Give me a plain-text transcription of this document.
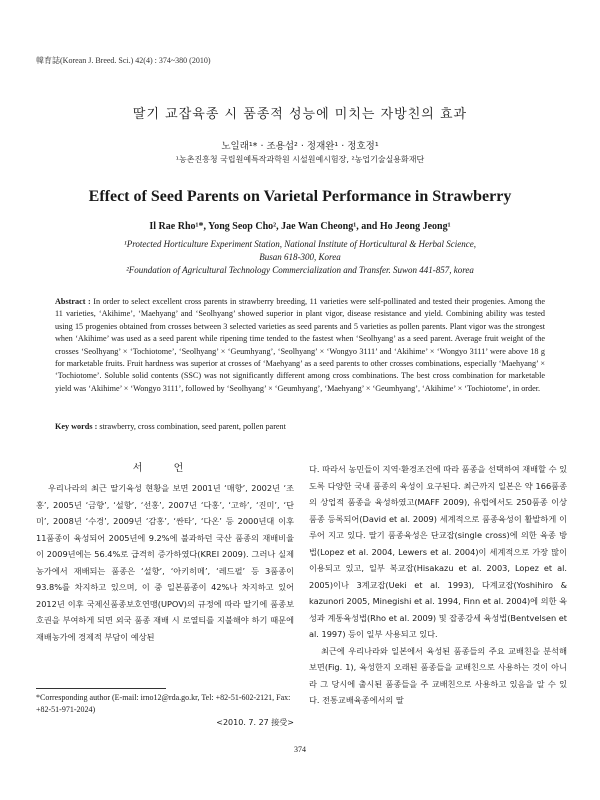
韓育誌(Korean J. Breed. Sci.) 42(4) : 374~380 (2010)
딸기 교잡육종 시 품종적 성능에 미치는 자방친의 효과
노일래¹* · 조용섭² · 정재완¹ · 정호정¹
¹농촌진흥청 국립원예특작과학원 시설원예시험장, ²농업기술실용화재단
Effect of Seed Parents on Varietal Performance in Strawberry
Il Rae Rho¹*, Yong Seop Cho², Jae Wan Cheong¹, and Ho Jeong Jeong¹
¹Protected Horticulture Experiment Station, National Institute of Horticultural & Herbal Science,
Busan 618-300, Korea
²Foundation of Agricultural Technology Commercialization and Transfer. Suwon 441-857, korea
Abstract : In order to select excellent cross parents in strawberry breeding, 11 varieties were self-pollinated and tested their progenies. Among the 11 varieties, ‘Akihime’, ‘Maehyang’ and ‘Seolhyang’ showed superior in plant vigor, disease resistance and yield. Combining ability was tested using 15 progenies obtained from crosses between 3 selected varieties as seed parents and 5 varieties as pollen parents. Plant vigor was the strongest when ‘Akihime’ was used as a seed parent while ripening time tended to the fastest when ‘Seolhyang’ as a seed parent. Average fruit weight of the crosses ‘Seolhyang’ × ‘Tochiotome’, ‘Seolhyang’ × ‘Geumhyang’, ‘Seolhyang’ × ‘Wongyo 3111’ and ‘Akihime’ × ‘Wongyo 3111’ were above 18 g for marketable fruits. Fruit hardness was superior at crosses of ‘Maehyang’ as a seed parents to other crosses combinations, especially ‘Maehyang’ × ‘Tochiotome’. Soluble solid contents (SSC) was not significantly different among cross combinations. The best cross combination for marketable yield was ‘Akihime’ × ‘Wongyo 3111’, followed by ‘Seolhyang’ × ‘Geumhyang’, ‘Maehyang’ × ‘Geumhyang’, ‘Akihime’ × ‘Tochiotome’, in order.
Key words : strawberry, cross combination, seed parent, pollen parent
서 언
우리나라의 최근 딸기육성 현황을 보면 2001년 ‘매향’, 2002년 ‘조홍’, 2005년 ‘금향’, ‘설향’, ‘선홍’, 2007년 ‘다홍’, ‘고하’, ‘진미’, ‘단미’, 2008년 ‘수경’, 2009년 ‘감홍’, ‘싼타’, ‘다온’ 등 2000년대 이후 11품종이 육성되어 2005년에 9.2%에 불과하던 국산 품종의 재배비율이 2009년에는 56.4%로 급격히 증가하였다(KREI 2009). 그러나 실제 농가에서 재배되는 품종은 ‘설향’, ‘아키히메’, ‘레드펄’ 등 3품종이 93.8%를 차지하고 있으며, 이 중 일본품종이 42%나 차지하고 있어 2012년 이후 국제신품종보호연맹(UPOV)의 규정에 따라 딸기에 품종보호권을 부여하게 되면 외국 품종 재배 시 로열티를 지불해야 하기 때문에 재배농가에 경제적 부담이 예상된
다. 따라서 농민들이 지역·환경조건에 따라 품종을 선택하여 재배할 수 있도록 다양한 국내 품종의 육성이 요구된다. 최근까지 일본은 약 166품종의 상업적 품종을 육성하였고(MAFF 2009), 유럽에서도 250품종 이상 품종 등록되어(David et al. 2009) 세계적으로 품종육성이 활발하게 이루어 지고 있다. 딸기 품종육성은 단교잡(single cross)에 의한 육종 방법(Lopez et al. 2004, Lewers et al. 2004)이 세계적으로 가장 많이 이용되고 있고, 일부 복교잡(Hisakazu et al. 2003, Lopez et al. 2005)이나 3계교잡(Ueki et al. 1993), 다계교잡(Yoshihiro & kazunori 2005, Minegishi et al. 1994, Finn et al. 2004)에 의한 육성과 계통육성법(Rho et al. 2009) 및 잡종강세 육성법(Bentvelsen et al. 1997) 등이 일부 사용되고 있다.
최근에 우리나라와 일본에서 육성된 품종들의 주요 교배친을 분석해 보면(Fig. 1), 육성한지 오래된 품종들을 교배친으로 사용하는 것이 아니라 그 당시에 출시된 품종들을 주 교배친으로 사용하고 있음을 알 수 있다. 전통교배육종에서의 딸
*Corresponding author (E-mail: irno12@rda.go.kr, Tel: +82-51-602-2121, Fax: +82-51-971-2024)
<2010. 7. 27 接受>
374
